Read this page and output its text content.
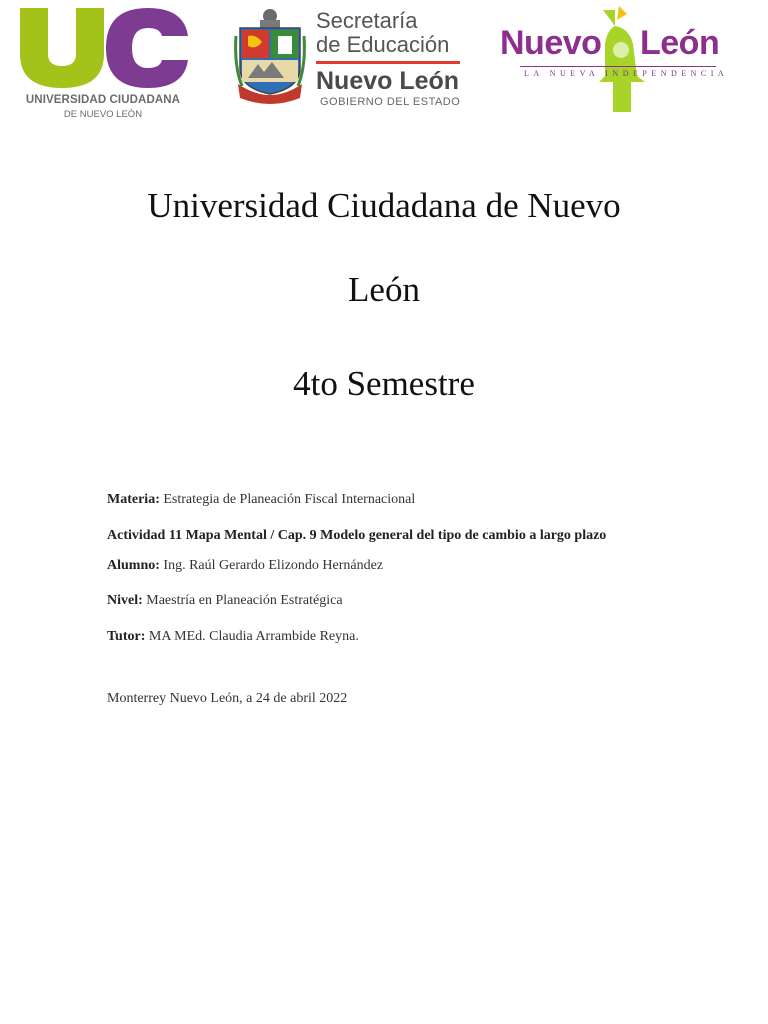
UNIVERSIDAD CIUDADANA
DE NUEVO LEÓN
Secretaría
de Educación
Nuevo León
GOBIERNO DEL ESTADO
Nuevo León
LA NUEVA INDEPENDENCIA
Universidad Ciudadana de Nuevo
León
4to Semestre
Materia: Estrategia de Planeación Fiscal Internacional
Actividad 11 Mapa Mental / Cap. 9 Modelo general del tipo de cambio a largo plazo
Alumno: Ing. Raúl Gerardo Elizondo Hernández
Nivel: Maestría en Planeación Estratégica
Tutor: MA MEd. Claudia Arrambide Reyna.
Monterrey Nuevo León, a 24 de abril 2022
